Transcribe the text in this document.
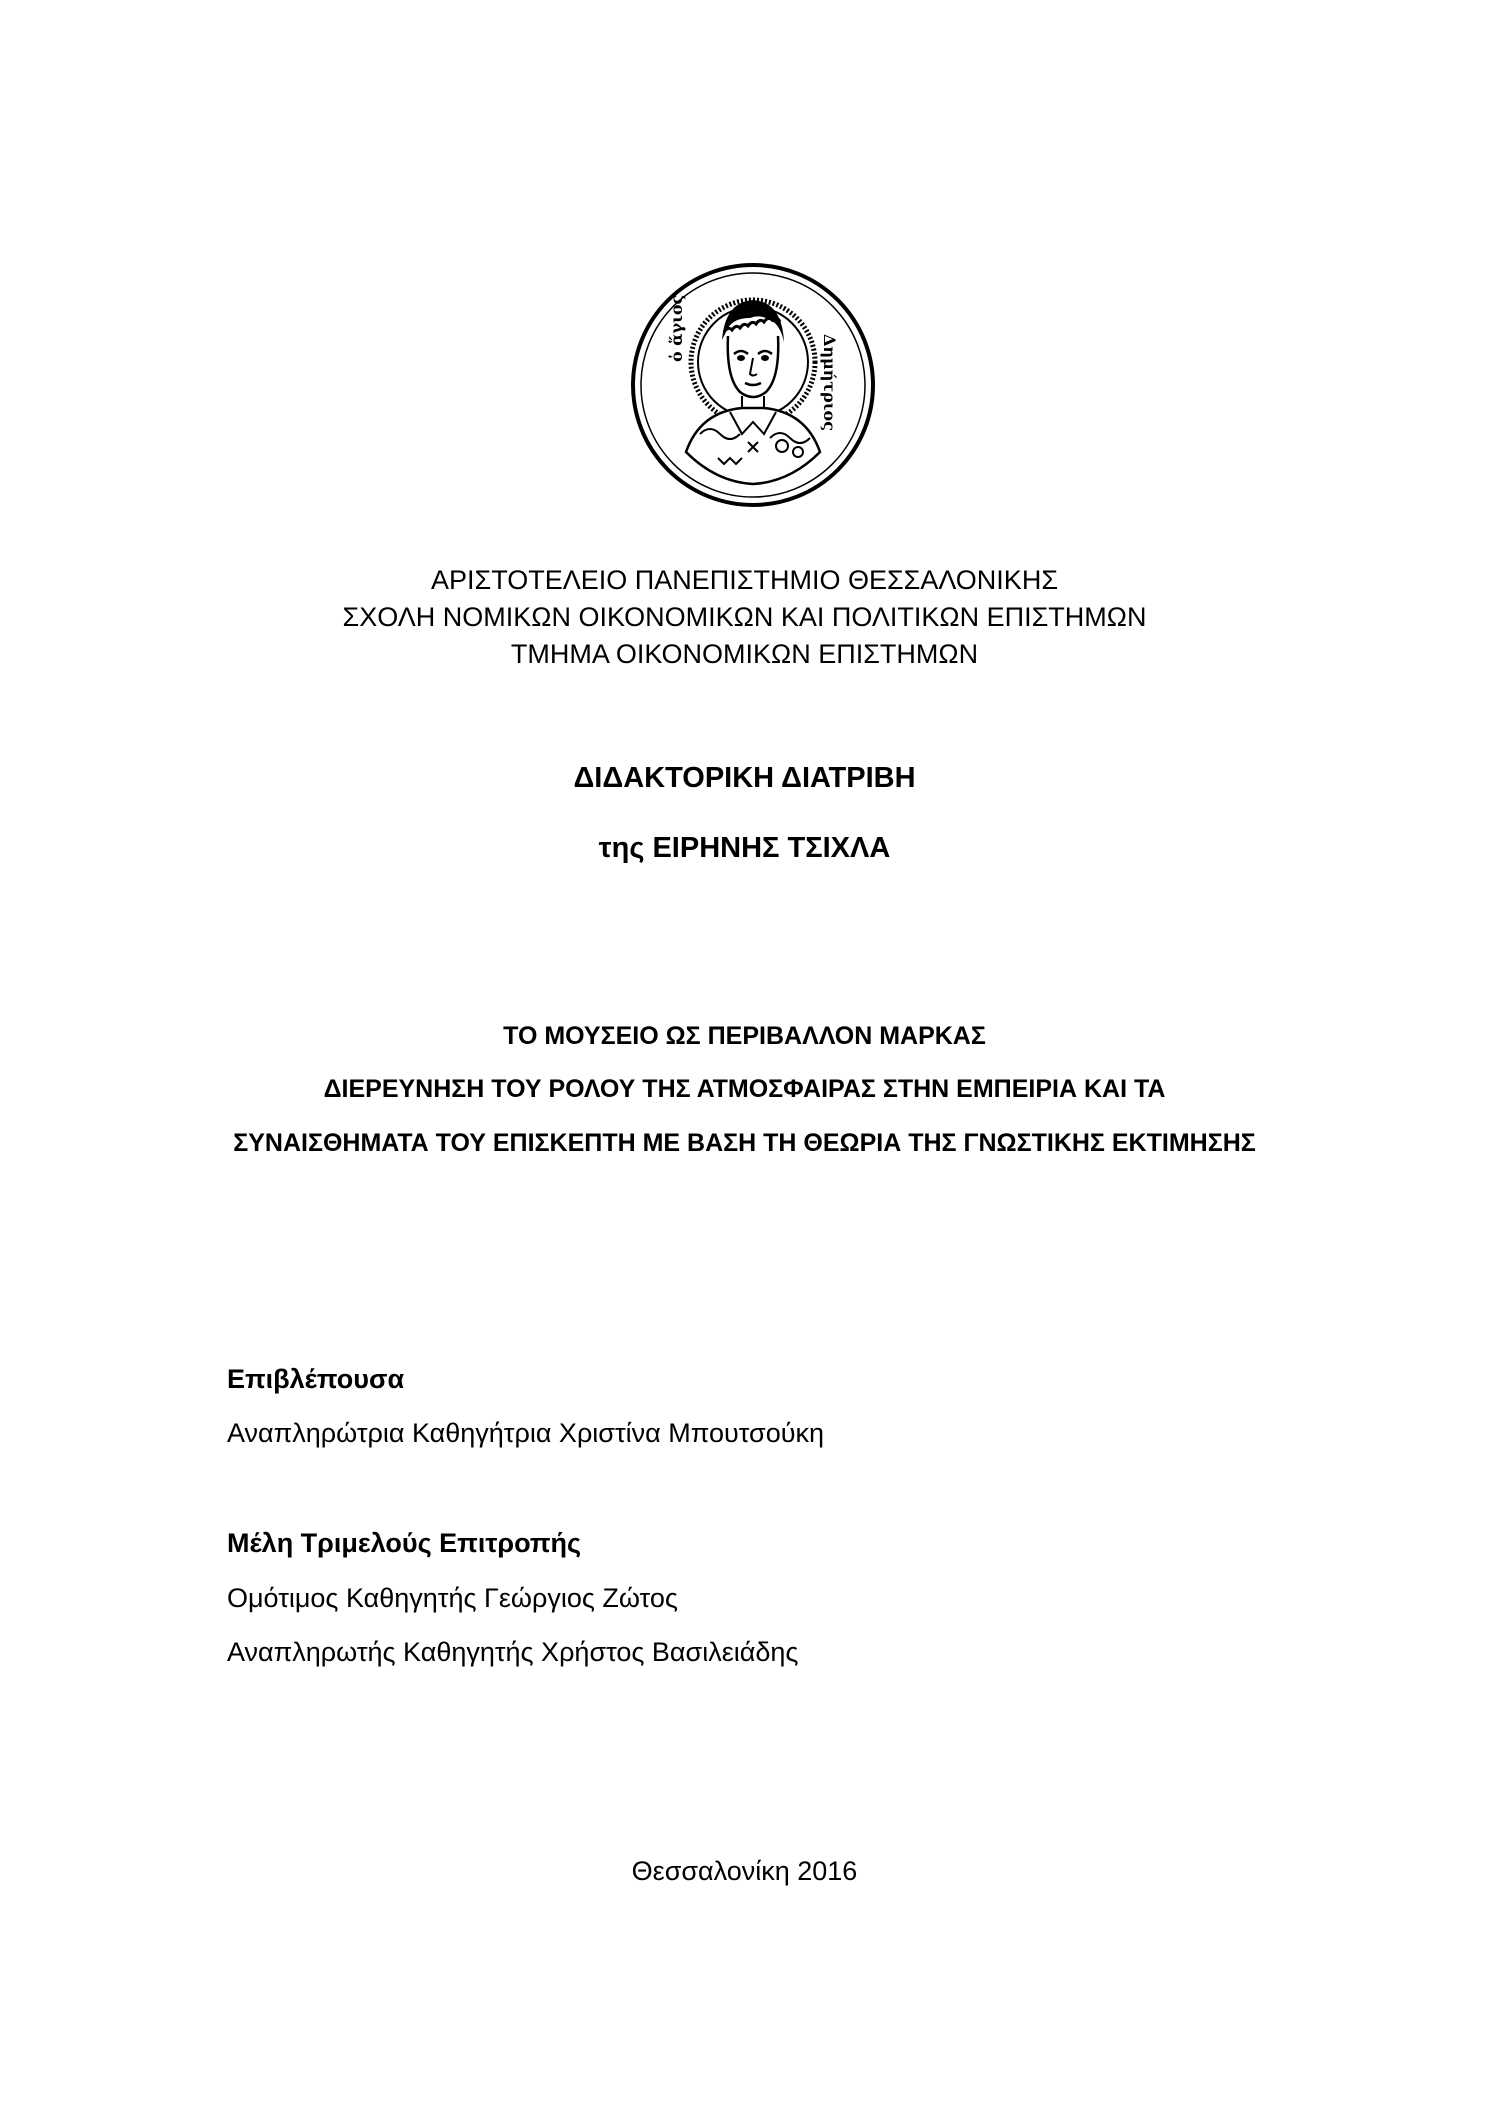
ὁ ἅγιος
Δημήτριος
ΑΡΙΣΤΟΤΕΛΕΙΟ ΠΑΝΕΠΙΣΤΗΜΙΟ ΘΕΣΣΑΛΟΝΙΚΗΣ
ΣΧΟΛΗ ΝΟΜΙΚΩΝ ΟΙΚΟΝΟΜΙΚΩΝ ΚΑΙ ΠΟΛΙΤΙΚΩΝ ΕΠΙΣΤΗΜΩΝ
ΤΜΗΜΑ ΟΙΚΟΝΟΜΙΚΩΝ ΕΠΙΣΤΗΜΩΝ
ΔΙΔΑΚΤΟΡΙΚΗ ΔΙΑΤΡΙΒΗ
της ΕΙΡΗΝΗΣ ΤΣΙΧΛΑ
ΤΟ ΜΟΥΣΕΙΟ ΩΣ ΠΕΡΙΒΑΛΛΟΝ ΜΑΡΚΑΣ
ΔΙΕΡΕΥΝΗΣΗ ΤΟΥ ΡΟΛΟΥ ΤΗΣ ΑΤΜΟΣΦΑΙΡΑΣ ΣΤΗΝ ΕΜΠΕΙΡΙΑ ΚΑΙ ΤΑ
ΣΥΝΑΙΣΘΗΜΑΤΑ ΤΟΥ ΕΠΙΣΚΕΠΤΗ ΜΕ ΒΑΣΗ ΤΗ ΘΕΩΡΙΑ ΤΗΣ ΓΝΩΣΤΙΚΗΣ ΕΚΤΙΜΗΣΗΣ
Επιβλέπουσα
Αναπληρώτρια Καθηγήτρια Χριστίνα Μπουτσούκη
Μέλη Τριμελούς Επιτροπής
Ομότιμος Καθηγητής Γεώργιος Ζώτος
Αναπληρωτής Καθηγητής Χρήστος Βασιλειάδης
Θεσσαλονίκη 2016
